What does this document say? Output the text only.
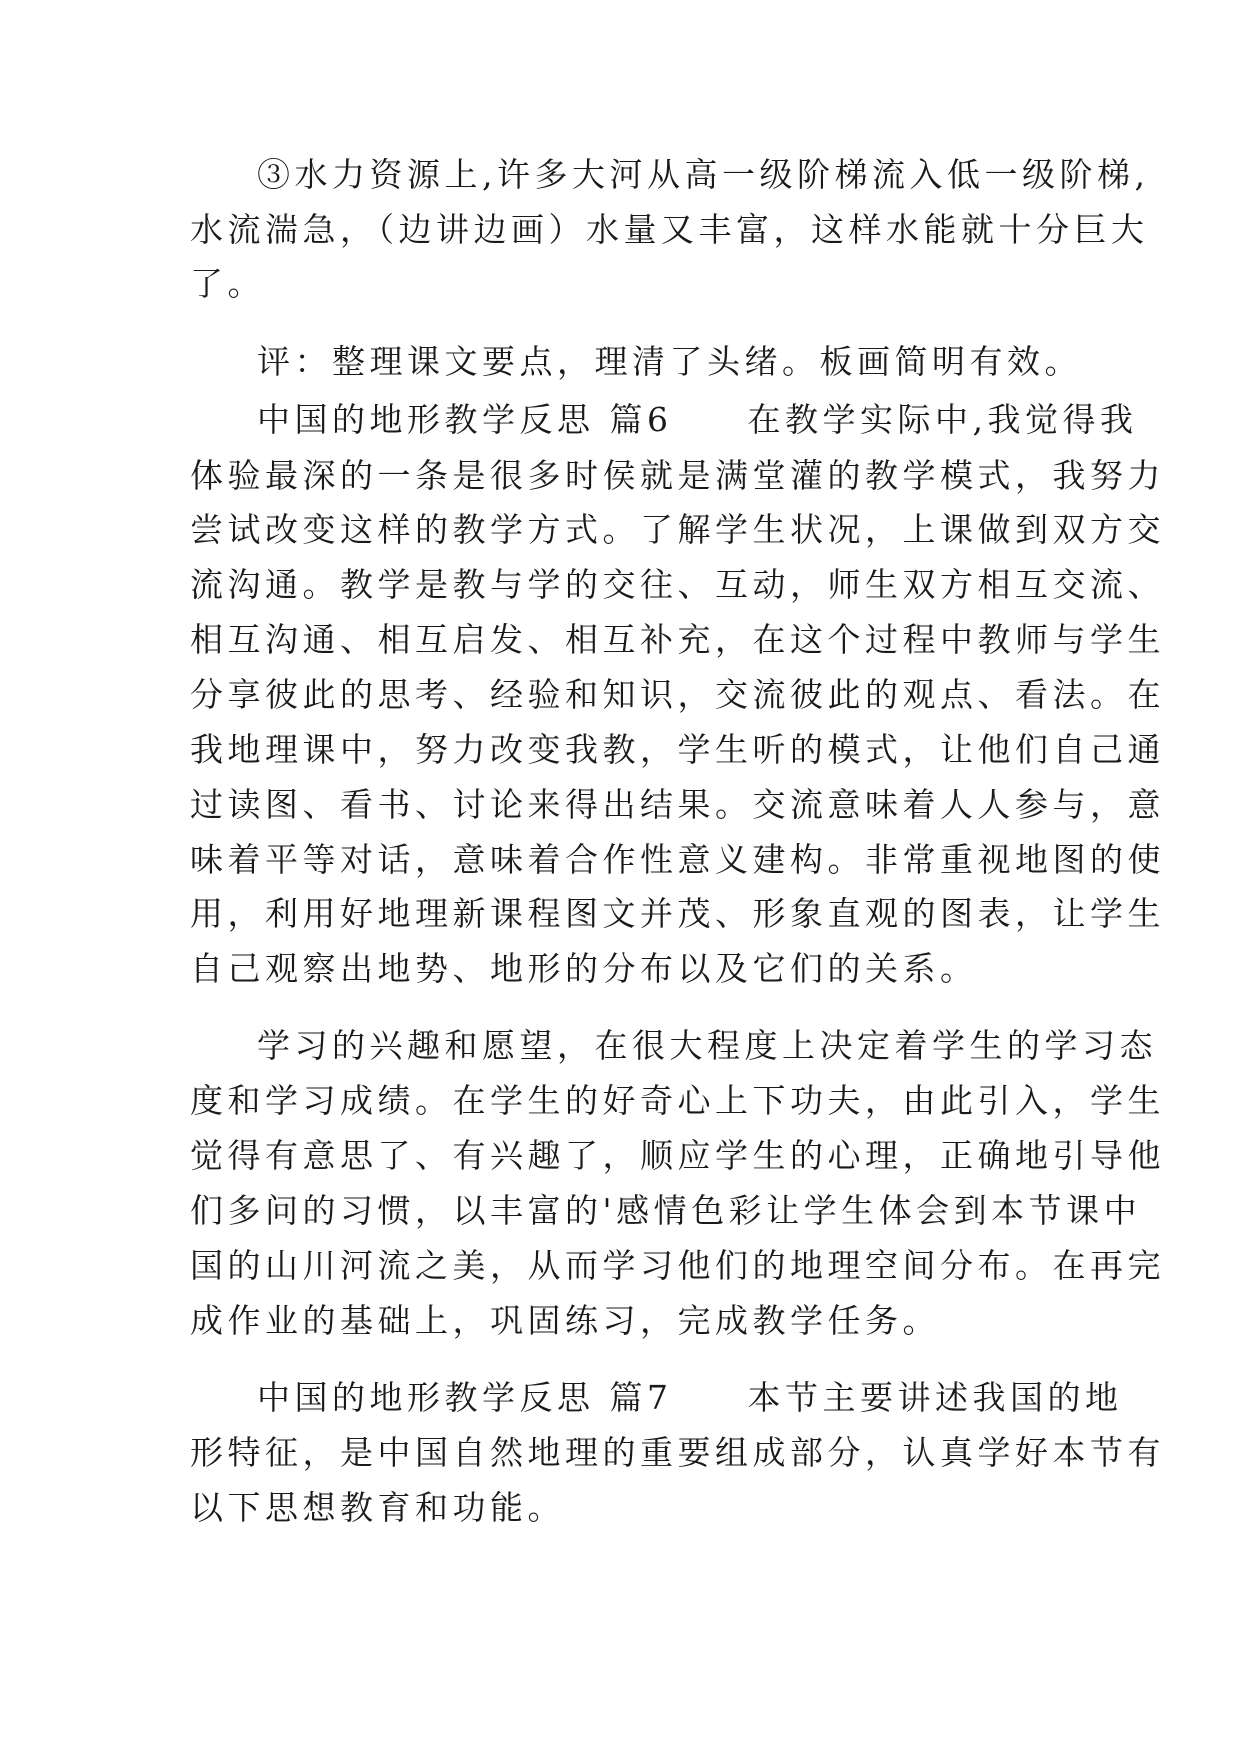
③水力资源上,许多大河从高一级阶梯流入低一级阶梯,

水流湍急，（边讲边画）水量又丰富，这样水能就十分巨大

了。

评：整理课文要点，理清了头绪。板画简明有效。

中国的地形教学反思 篇6　　在教学实际中,我觉得我

体验最深的一条是很多时侯就是满堂灌的教学模式，我努力

尝试改变这样的教学方式。了解学生状况，上课做到双方交

流沟通。教学是教与学的交往、互动，师生双方相互交流、

相互沟通、相互启发、相互补充，在这个过程中教师与学生

分享彼此的思考、经验和知识，交流彼此的观点、看法。在

我地理课中，努力改变我教，学生听的模式，让他们自己通

过读图、看书、讨论来得出结果。交流意味着人人参与，意

味着平等对话，意味着合作性意义建构。非常重视地图的使

用，利用好地理新课程图文并茂、形象直观的图表，让学生

自己观察出地势、地形的分布以及它们的关系。

学习的兴趣和愿望，在很大程度上决定着学生的学习态

度和学习成绩。在学生的好奇心上下功夫，由此引入，学生

觉得有意思了、有兴趣了，顺应学生的心理，正确地引导他

们多问的习惯，以丰富的'感情色彩让学生体会到本节课中

国的山川河流之美，从而学习他们的地理空间分布。在再完

成作业的基础上，巩固练习，完成教学任务。

中国的地形教学反思 篇7　　本节主要讲述我国的地

形特征，是中国自然地理的重要组成部分，认真学好本节有

以下思想教育和功能。
